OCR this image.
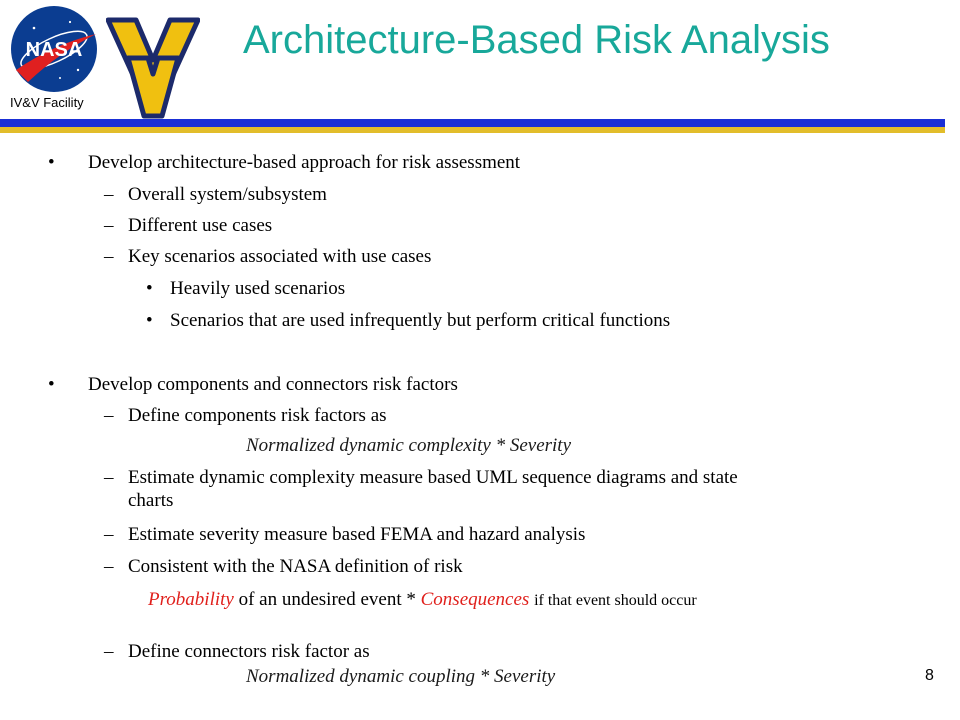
NASA
IV&V Facility
Architecture-Based Risk Analysis
• Develop architecture-based approach for risk assessment
– Overall system/subsystem
– Different use cases
– Key scenarios associated with use cases
• Heavily used scenarios
• Scenarios that are used infrequently but perform critical functions
• Develop components and connectors risk factors
– Define components risk factors as
Normalized dynamic complexity * Severity
– Estimate dynamic complexity measure based UML sequence diagrams and state
charts
– Estimate severity measure based FEMA and hazard analysis
– Consistent with the NASA definition of risk
Probability of an undesired event * Consequences if that event should occur
– Define connectors risk factor as
Normalized dynamic coupling * Severity	8
